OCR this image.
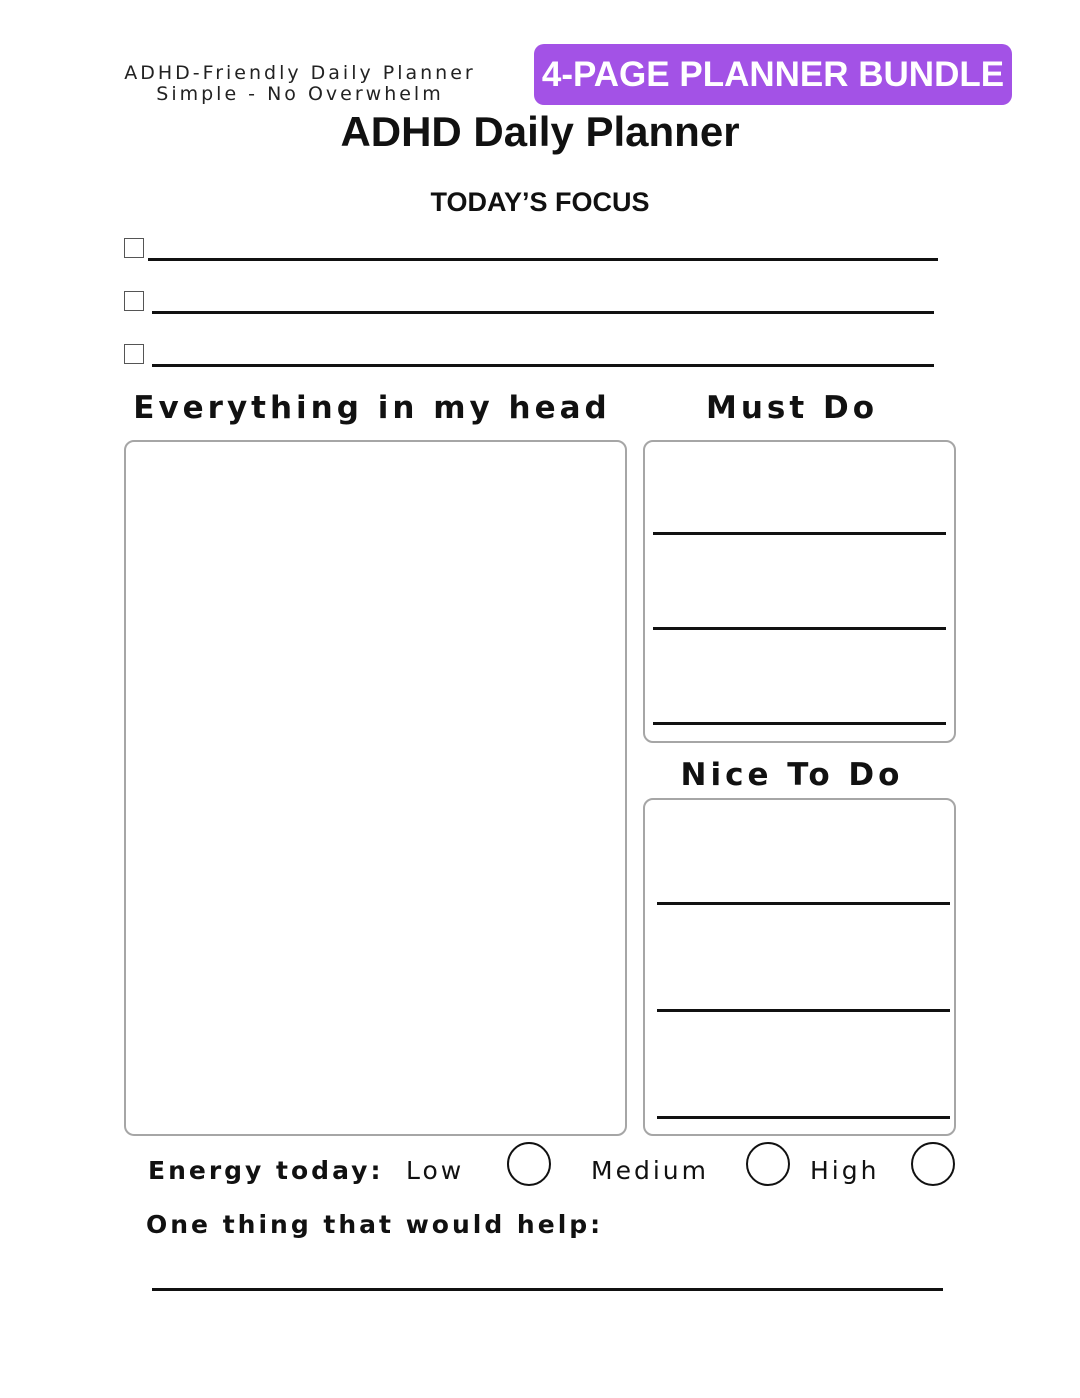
ADHD-Friendly Daily Planner
Simple - No Overwhelm
4-PAGE PLANNER BUNDLE
ADHD Daily Planner
TODAY’S FOCUS
Everything in my head	Must Do
Nice To Do
Energy today: Low	Medium	High
One thing that would help:
